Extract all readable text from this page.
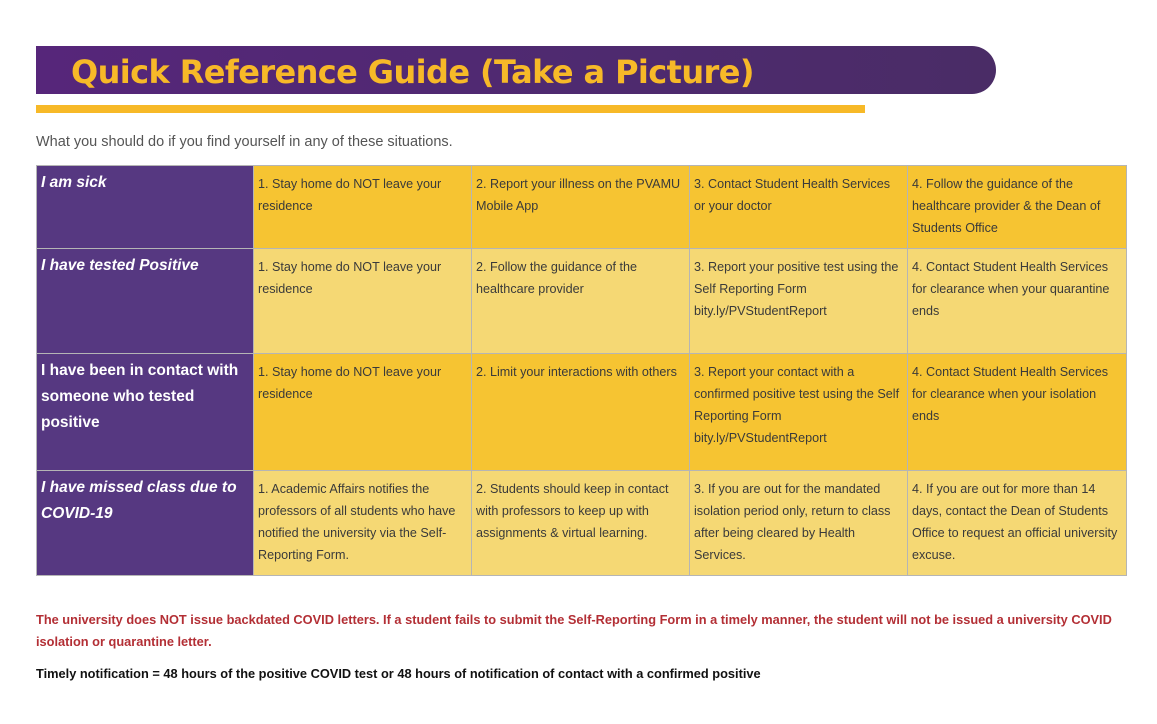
Quick Reference Guide (Take a Picture)
What you should do if you find yourself in any of these situations.
I am sick	1. Stay home do NOT leave your residence	2. Report your illness on the PVAMU Mobile App	3. Contact Student Health Services or your doctor	4. Follow the guidance of the healthcare provider & the Dean of Students Office
I have tested Positive	1. Stay home do NOT leave your residence	2. Follow the guidance of the healthcare provider	3. Report your positive test using the Self Reporting Form bity.ly/PVStudentReport	4. Contact Student Health Services for clearance when your quarantine ends
I have been in contact with someone who tested positive	1. Stay home do NOT leave your residence	2. Limit your interactions with others	3. Report your contact with a confirmed positive test using the Self Reporting Form bity.ly/PVStudentReport	4. Contact Student Health Services for clearance when your isolation ends
I have missed class due to COVID-19	1. Academic Affairs notifies the professors of all students who have notified the university via the Self-Reporting Form.	2. Students should keep in contact with professors to keep up with assignments & virtual learning.	3. If you are out for the mandated isolation period only, return to class after being cleared by Health Services.	4. If you are out for more than 14 days, contact the Dean of Students Office to request an official university excuse.
The university does NOT issue backdated COVID letters. If a student fails to submit the Self-Reporting Form in a timely manner, the student will not be issued a university COVID isolation or quarantine letter.
Timely notification = 48 hours of the positive COVID test or 48 hours of notification of contact with a confirmed positive
